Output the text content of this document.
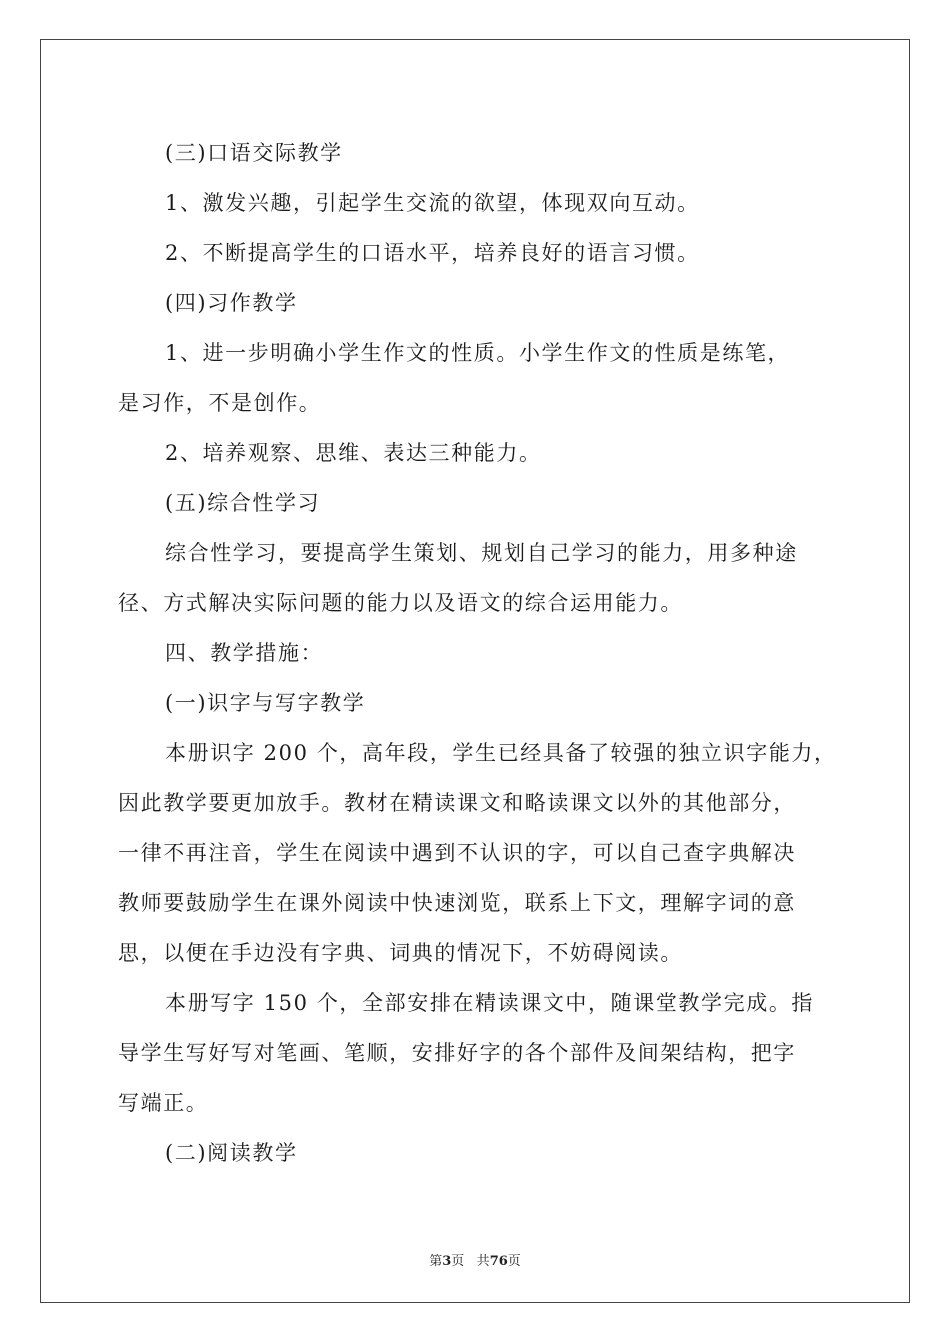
(三)口语交际教学

1、激发兴趣，引起学生交流的欲望，体现双向互动。

2、不断提高学生的口语水平，培养良好的语言习惯。

(四)习作教学

1、进一步明确小学生作文的性质。小学生作文的性质是练笔，

是习作，不是创作。

2、培养观察、思维、表达三种能力。

(五)综合性学习

综合性学习，要提高学生策划、规划自己学习的能力，用多种途

径、方式解决实际问题的能力以及语文的综合运用能力。

四、教学措施：

(一)识字与写字教学

本册识字 200 个，高年段，学生已经具备了较强的独立识字能力，

因此教学要更加放手。教材在精读课文和略读课文以外的其他部分，

一律不再注音，学生在阅读中遇到不认识的字，可以自己查字典解决

教师要鼓励学生在课外阅读中快速浏览，联系上下文，理解字词的意

思，以便在手边没有字典、词典的情况下，不妨碍阅读。

本册写字 150 个，全部安排在精读课文中，随课堂教学完成。指

导学生写好写对笔画、笔顺，安排好字的各个部件及间架结构，把字

写端正。

(二)阅读教学

第3页 共76页
